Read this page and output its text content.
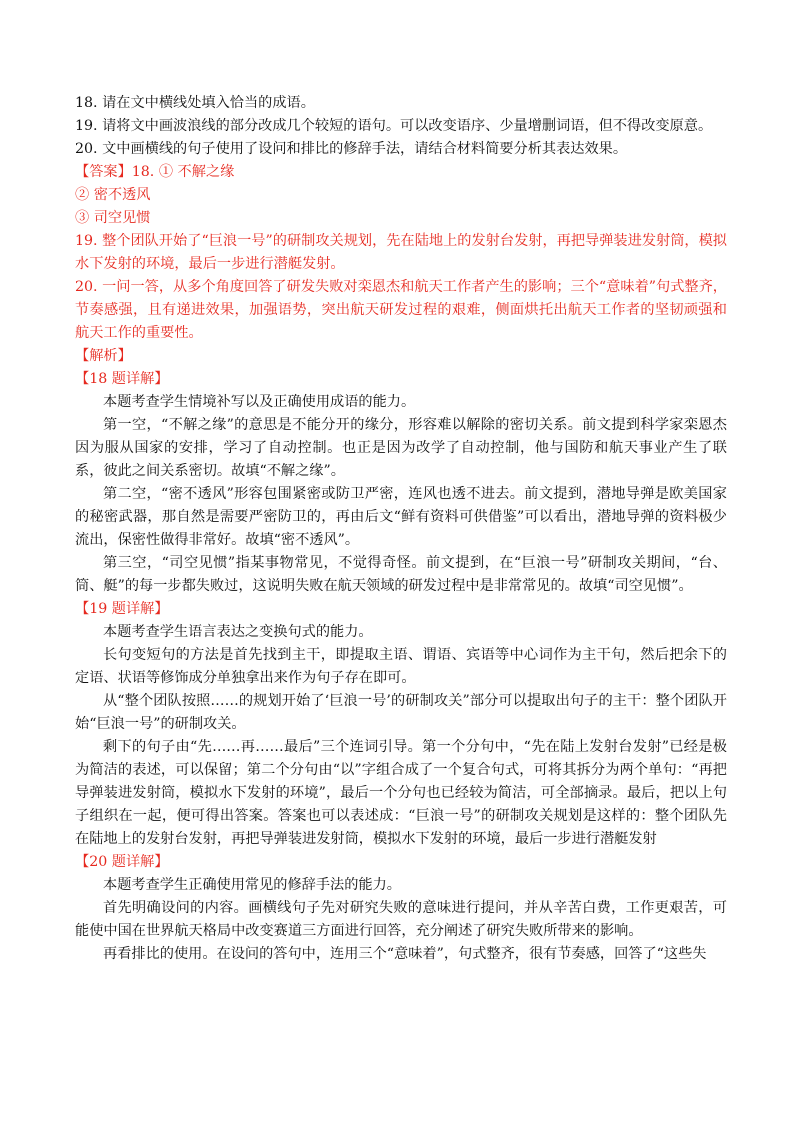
18. 请在文中横线处填入恰当的成语。

19. 请将文中画波浪线的部分改成几个较短的语句。可以改变语序、少量增删词语，但不得改变原意。

20. 文中画横线的句子使用了设问和排比的修辞手法，请结合材料简要分析其表达效果。

【答案】18. ① 不解之缘

② 密不透风

③ 司空见惯

19. 整个团队开始了“巨浪一号”的研制攻关规划，先在陆地上的发射台发射，再把导弹装进发射筒，模拟水下发射的环境，最后一步进行潜艇发射。

20. 一问一答，从多个角度回答了研发失败对栾恩杰和航天工作者产生的影响；三个“意味着”句式整齐，节奏感强，且有递进效果，加强语势，突出航天研发过程的艰难，侧面烘托出航天工作者的坚韧顽强和航天工作的重要性。

【解析】

【18 题详解】

本题考查学生情境补写以及正确使用成语的能力。

第一空，“不解之缘”的意思是不能分开的缘分，形容难以解除的密切关系。前文提到科学家栾恩杰因为服从国家的安排，学习了自动控制。也正是因为改学了自动控制，他与国防和航天事业产生了联系，彼此之间关系密切。故填“不解之缘”。

第二空，“密不透风”形容包围紧密或防卫严密，连风也透不进去。前文提到，潜地导弹是欧美国家的秘密武器，那自然是需要严密防卫的，再由后文“鲜有资料可供借鉴”可以看出，潜地导弹的资料极少流出，保密性做得非常好。故填“密不透风”。

第三空，“司空见惯”指某事物常见，不觉得奇怪。前文提到，在“巨浪一号”研制攻关期间，“台、筒、艇”的每一步都失败过，这说明失败在航天领域的研发过程中是非常常见的。故填“司空见惯”。

【19 题详解】

本题考查学生语言表达之变换句式的能力。

长句变短句的方法是首先找到主干，即提取主语、谓语、宾语等中心词作为主干句，然后把余下的定语、状语等修饰成分单独拿出来作为句子存在即可。

从“整个团队按照……的规划开始了‘巨浪一号’的研制攻关”部分可以提取出句子的主干：整个团队开始“巨浪一号”的研制攻关。

剩下的句子由“先……再……最后”三个连词引导。第一个分句中，“先在陆上发射台发射”已经是极为简洁的表述，可以保留；第二个分句由“以”字组合成了一个复合句式，可将其拆分为两个单句：“再把导弹装进发射筒，模拟水下发射的环境”，最后一个分句也已经较为简洁，可全部摘录。最后，把以上句子组织在一起，便可得出答案。答案也可以表述成：“巨浪一号”的研制攻关规划是这样的：整个团队先在陆地上的发射台发射，再把导弹装进发射筒，模拟水下发射的环境，最后一步进行潜艇发射

【20 题详解】

本题考查学生正确使用常见的修辞手法的能力。

首先明确设问的内容。画横线句子先对研究失败的意味进行提问，并从辛苦白费，工作更艰苦，可能使中国在世界航天格局中改变赛道三方面进行回答，充分阐述了研究失败所带来的影响。

再看排比的使用。在设问的答句中，连用三个“意味着”，句式整齐，很有节奏感，回答了“这些失
